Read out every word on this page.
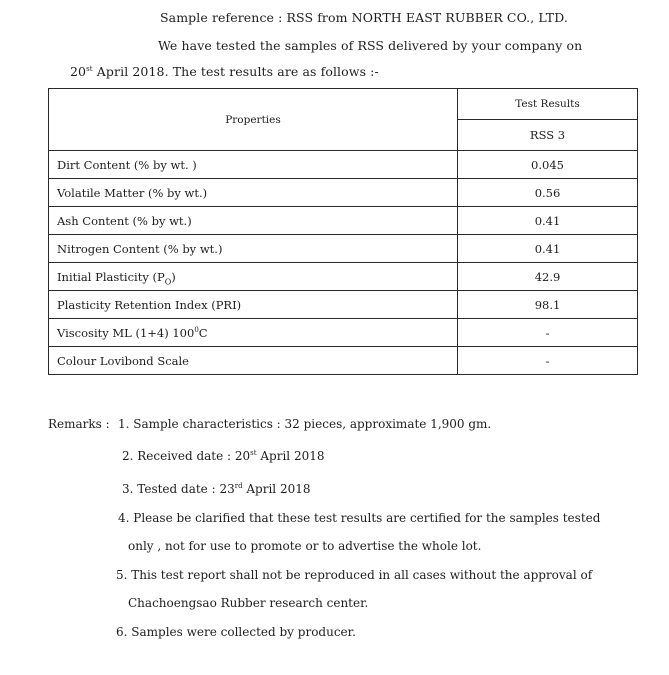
Sample reference : RSS from NORTH EAST RUBBER CO., LTD.
We have tested the samples of RSS delivered by your company on
20st April 2018. The test results are as follows :-
Properties	Test Results
	RSS 3
Dirt Content (% by wt. )	0.045
Volatile Matter (% by wt.)	0.56
Ash Content (% by wt.)	0.41
Nitrogen Content (% by wt.)	0.41
Initial Plasticity $(P_O)$	42.9
Plasticity Retention Index (PRI)	98.1
Viscosity ML (1+4) $100^0C$	-
Colour Lovibond Scale	-
Remarks : 1. Sample characteristics : 32 pieces, approximate 1,900 gm.
2. Received date : 20st April 2018
3. Tested date : 23rd April 2018
4. Please be clarified that these test results are certified for the samples tested
only , not for use to promote or to advertise the whole lot.
5. This test report shall not be reproduced in all cases without the approval of
Chachoengsao Rubber research center.
6. Samples were collected by producer.
